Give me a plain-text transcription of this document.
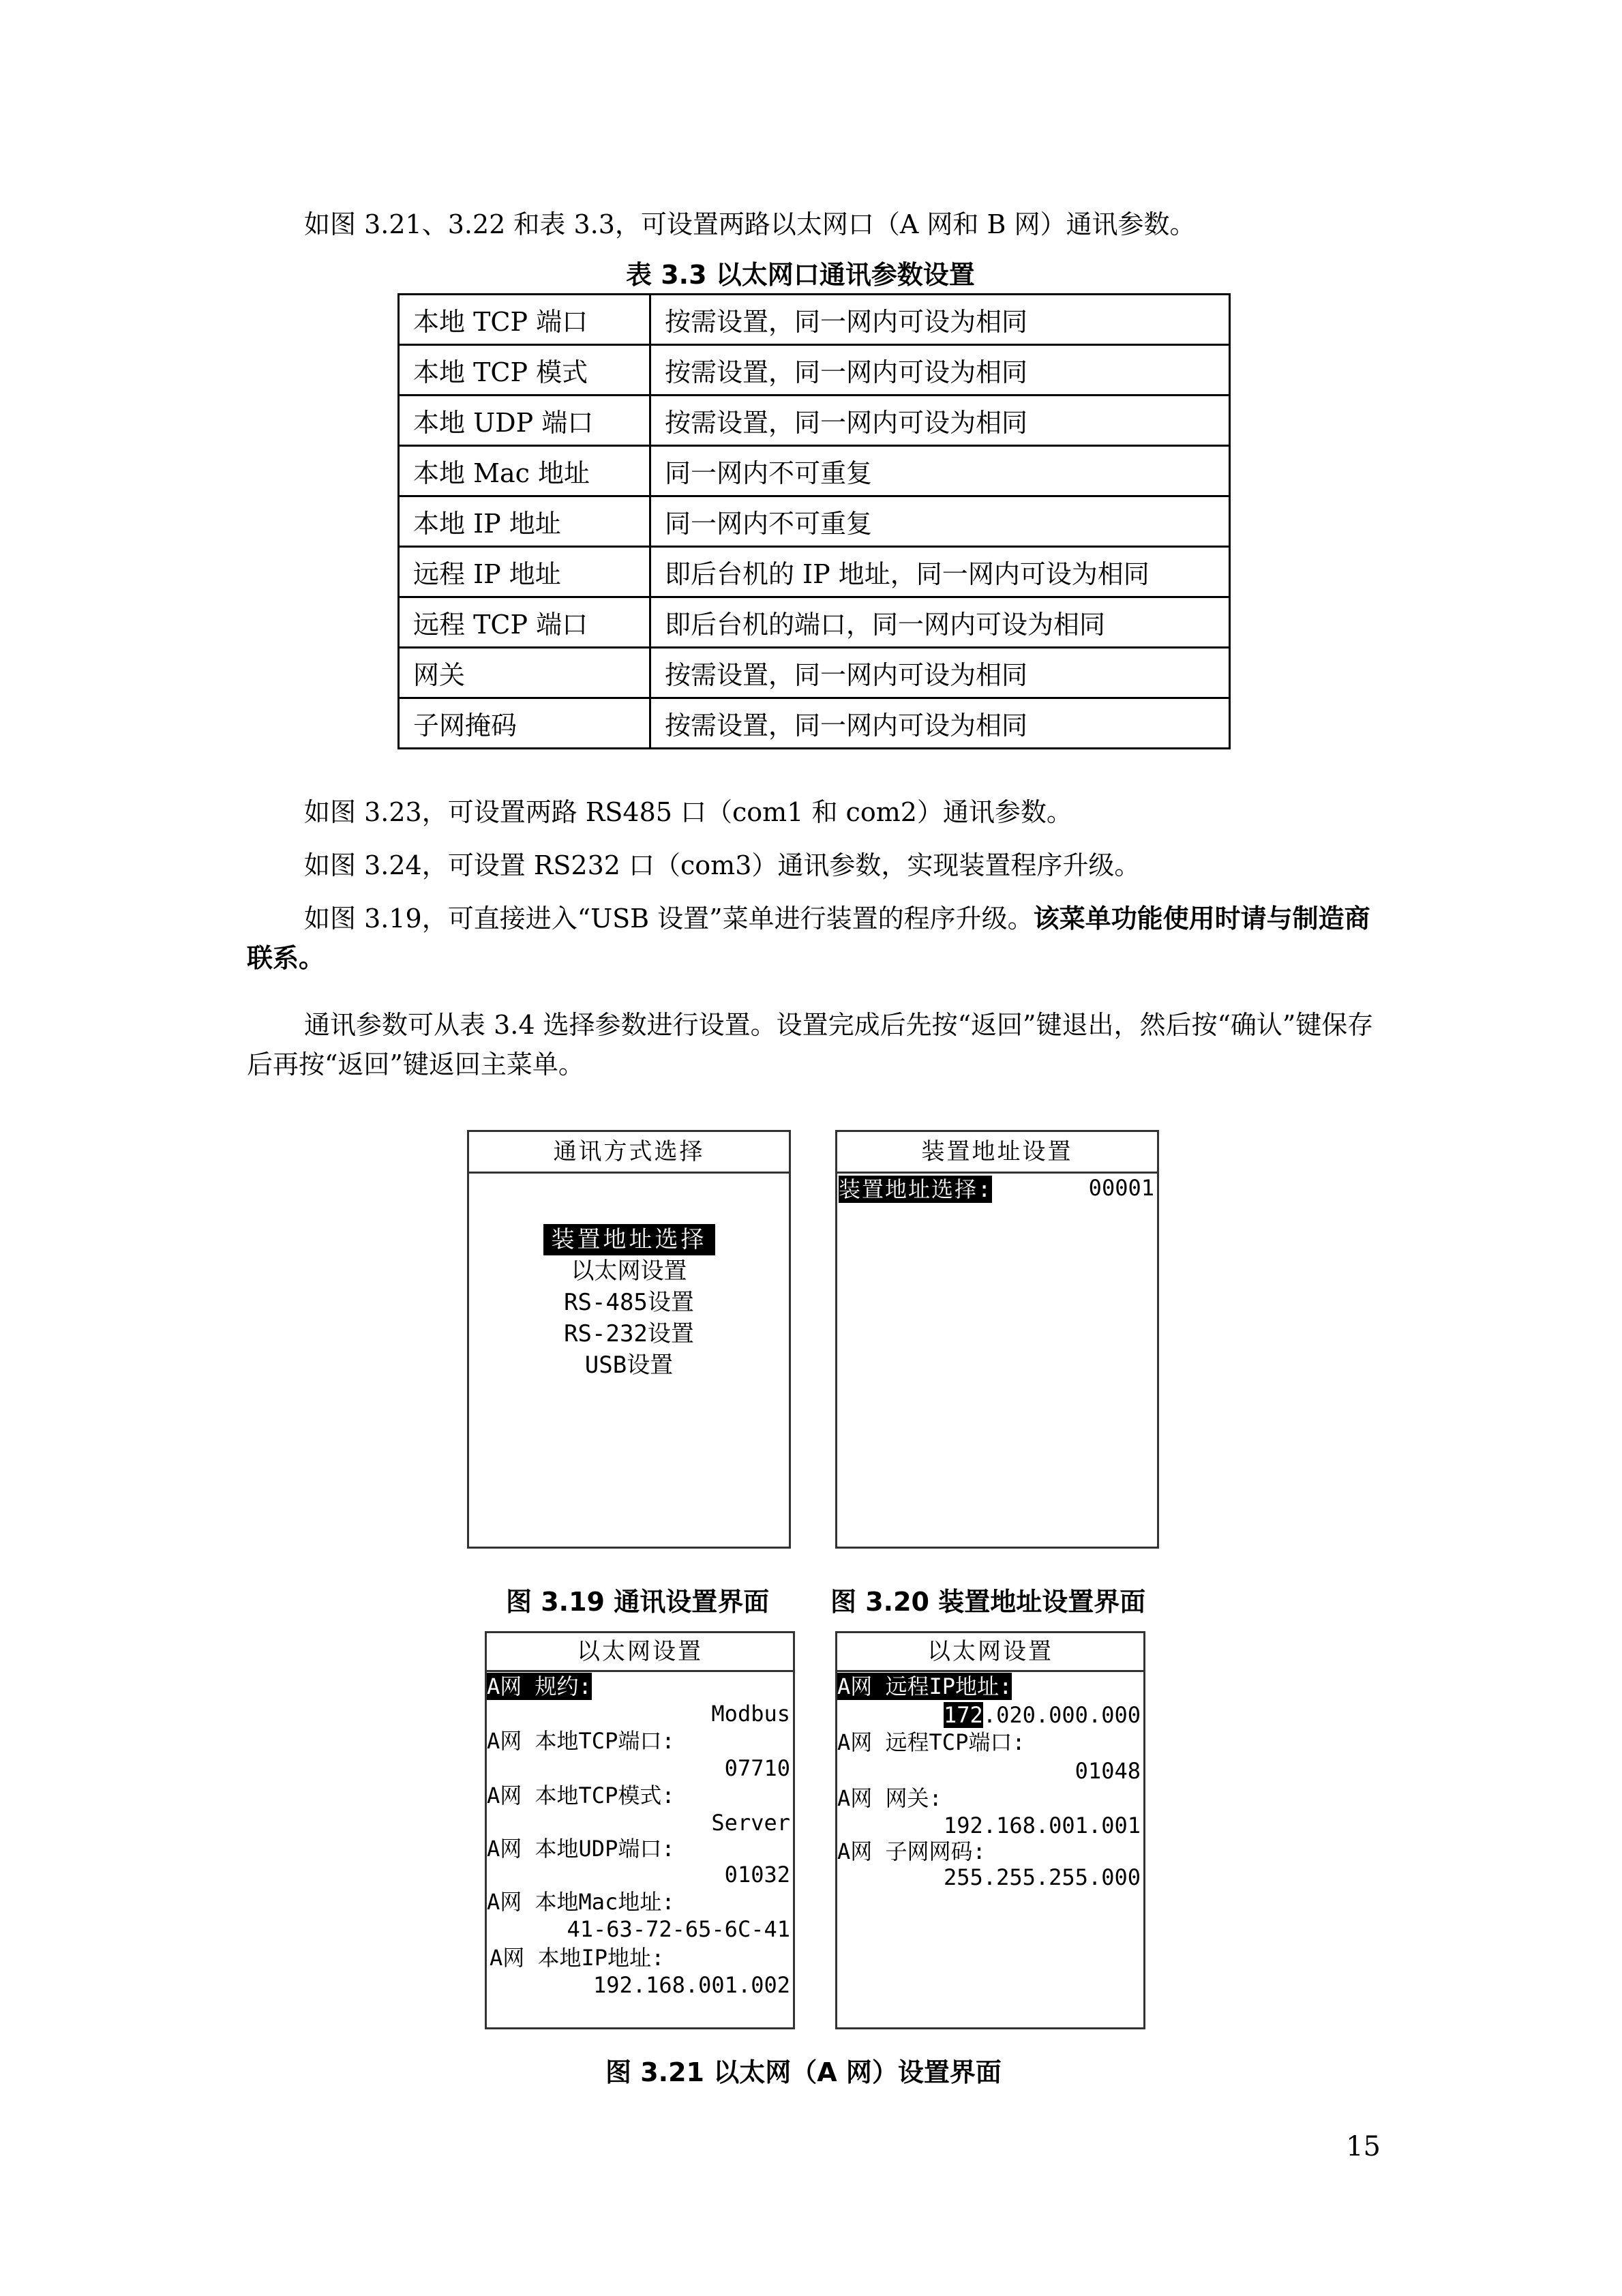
如图 3.21、3.22 和表 3.3，可设置两路以太网口（A 网和 B 网）通讯参数。
表 3.3 以太网口通讯参数设置
本地 TCP 端口	按需设置，同一网内可设为相同
本地 TCP 模式	按需设置，同一网内可设为相同
本地 UDP 端口	按需设置，同一网内可设为相同
本地 Mac 地址	同一网内不可重复
本地 IP 地址	同一网内不可重复
远程 IP 地址	即后台机的 IP 地址，同一网内可设为相同
远程 TCP 端口	即后台机的端口，同一网内可设为相同
网关	按需设置，同一网内可设为相同
子网掩码	按需设置，同一网内可设为相同
如图 3.23，可设置两路 RS485 口（com1 和 com2）通讯参数。
如图 3.24，可设置 RS232 口（com3）通讯参数，实现装置程序升级。
如图 3.19，可直接进入“USB 设置”菜单进行装置的程序升级。该菜单功能使用时请与制造商联系。
通讯参数可从表 3.4 选择参数进行设置。设置完成后先按“返回”键退出，然后按“确认”键保存后再按“返回”键返回主菜单。
通讯方式选择
装置地址选择
以太网设置
RS-485设置
RS-232设置
USB设置
装置地址设置
装置地址选择:	00001
图 3.19 通讯设置界面 图 3.20 装置地址设置界面
以太网设置
A网 规约:
Modbus
A网 本地TCP端口:
07710
A网 本地TCP模式:
Server
A网 本地UDP端口:
01032
A网 本地Mac地址:
41-63-72-65-6C-41
A网 本地IP地址:
192.168.001.002
以太网设置
A网 远程IP地址:
172.020.000.000
A网 远程TCP端口:
01048
A网 网关:
192.168.001.001
A网 子网网码:
255.255.255.000
图 3.21 以太网（A 网）设置界面
15
